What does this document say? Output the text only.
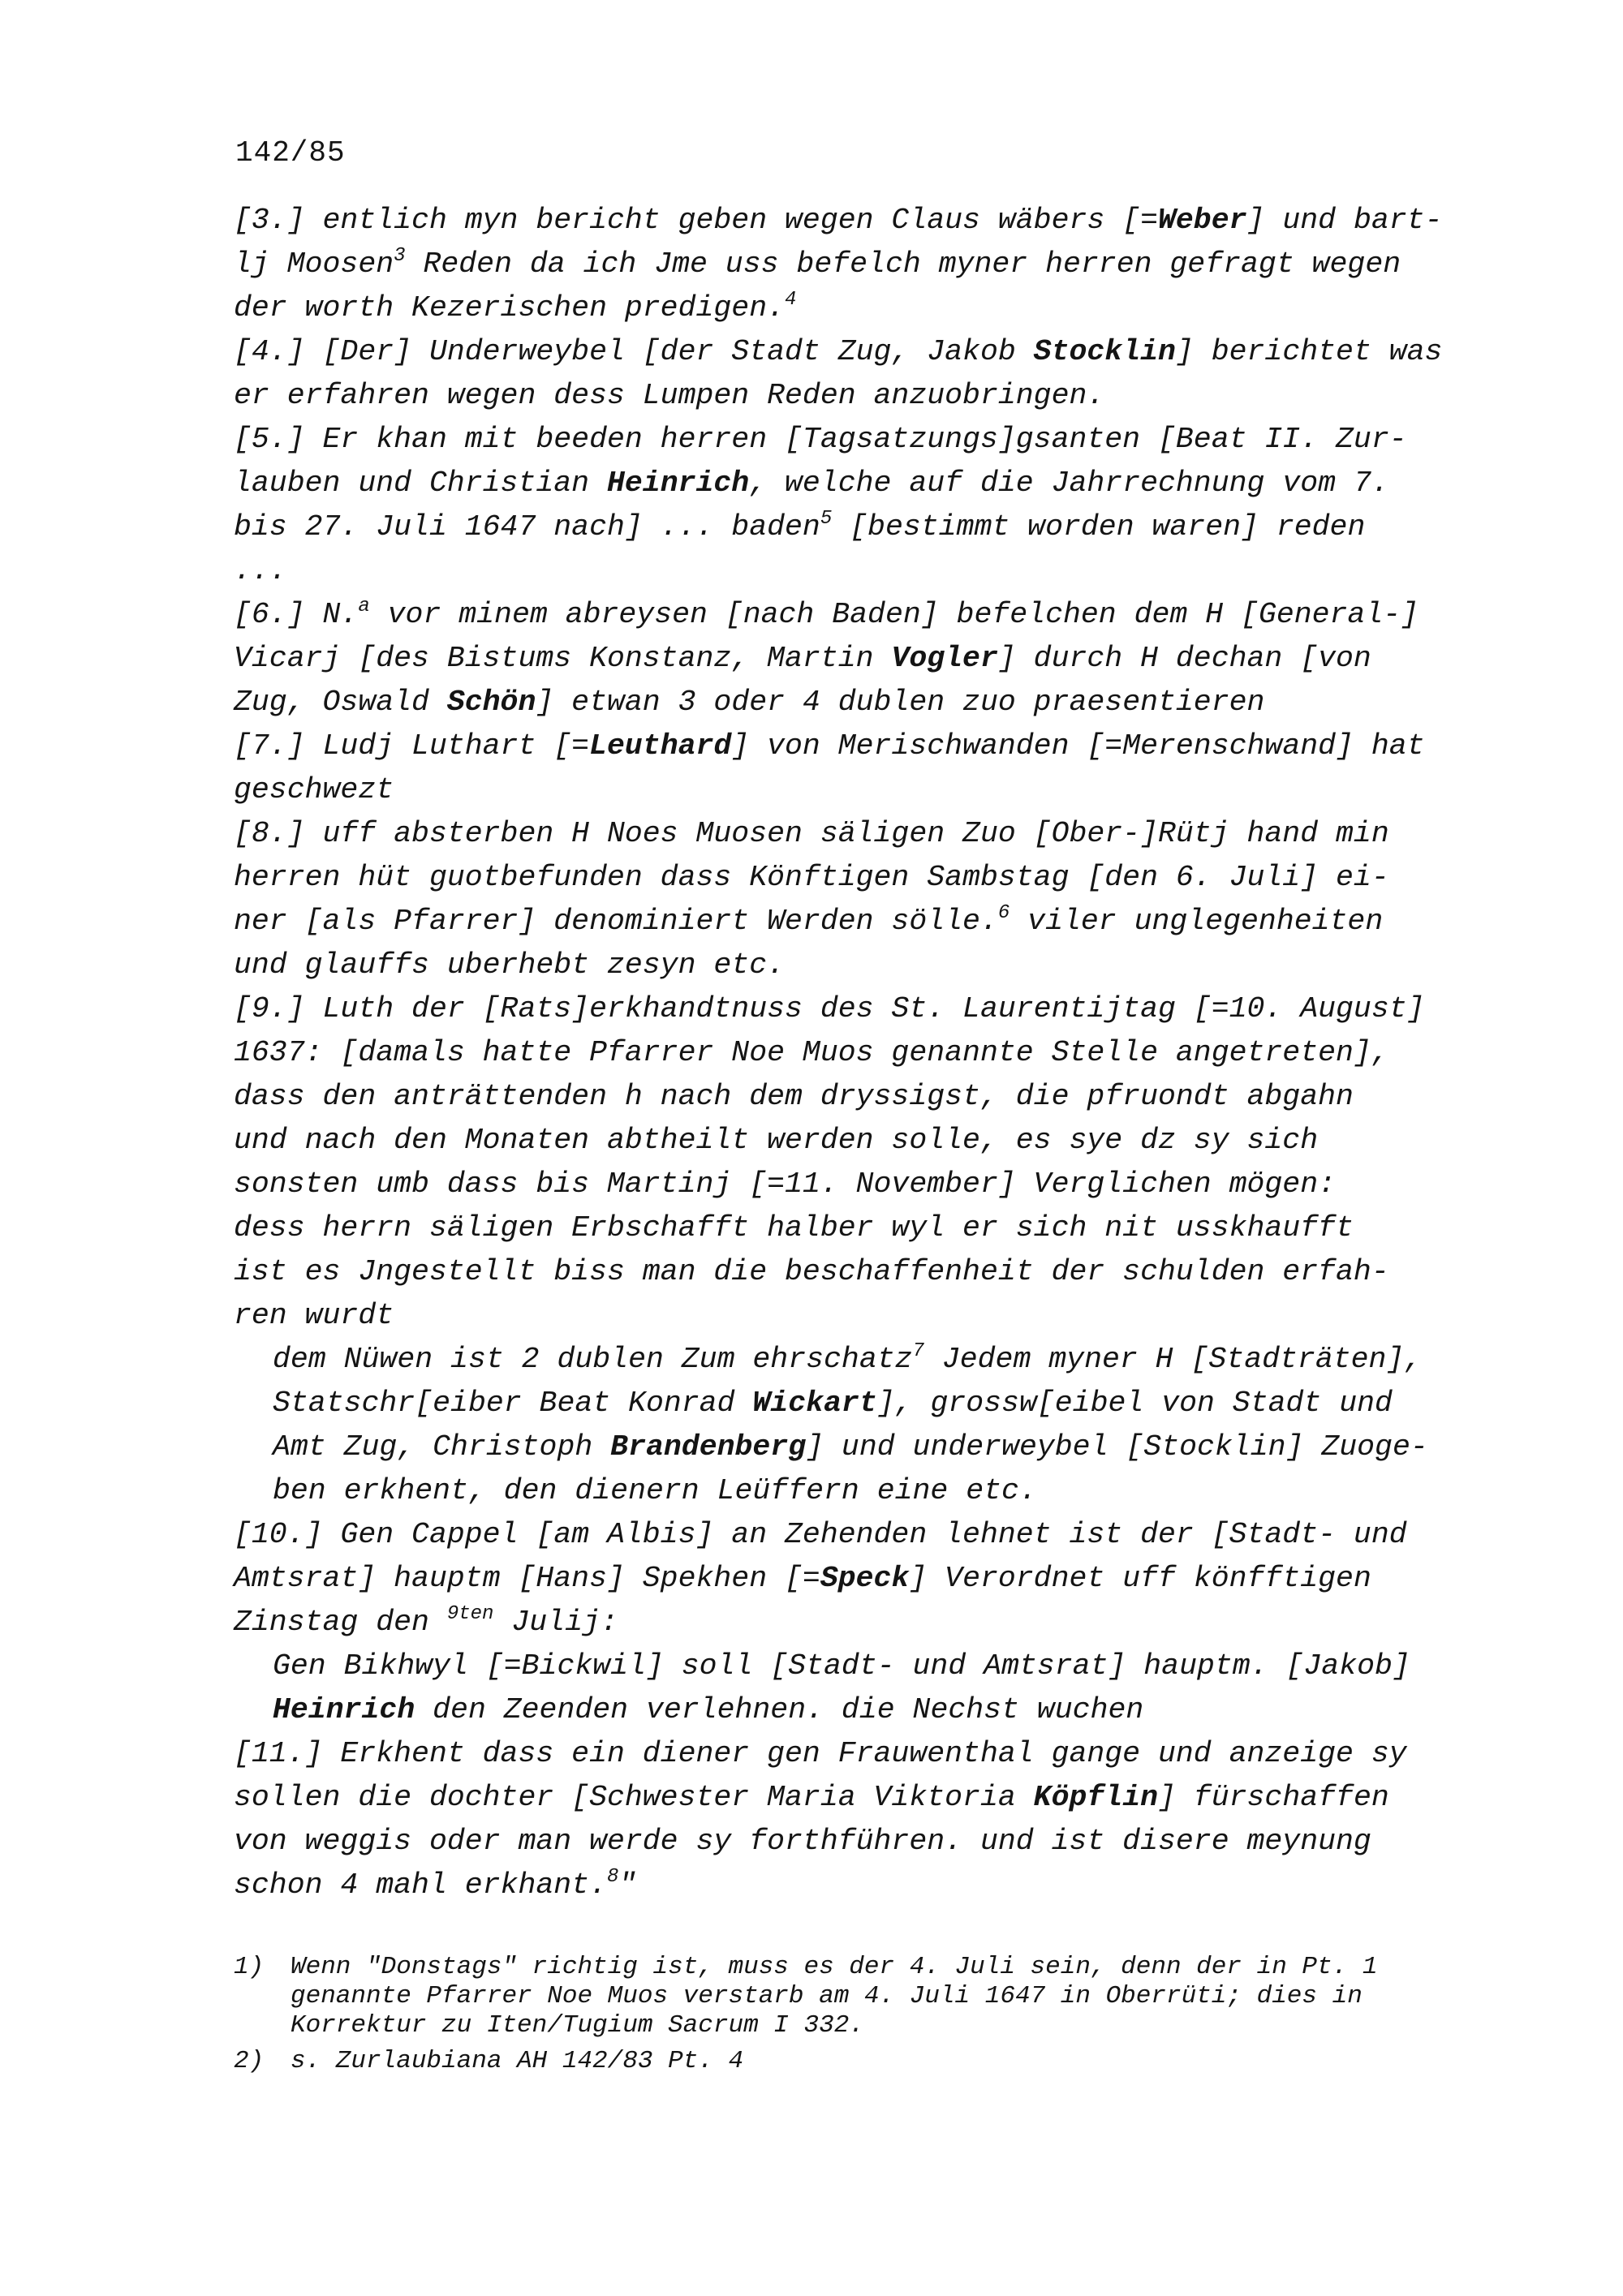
142/85
[3.] entlich myn bericht geben wegen Claus wäbers [=Weber] und bart-
lj Moosen$^3$ Reden da ich Jme uss befelch myner herren gefragt wegen
der worth Kezerischen predigen.$^4$
[4.] [Der] Underweybel [der Stadt Zug, Jakob Stocklin] berichtet was
er erfahren wegen dess Lumpen Reden anzuobringen.
[5.] Er khan mit beeden herren [Tagsatzungs]gsanten [Beat II. Zur-
lauben und Christian Heinrich, welche auf die Jahrrechnung vom 7.
bis 27. Juli 1647 nach] ... baden$^5$ [bestimmt worden waren] reden
...
[6.] N.$^a$ vor minem abreysen [nach Baden] befelchen dem H [General-]
Vicarj [des Bistums Konstanz, Martin Vogler] durch H dechan [von
Zug, Oswald Schön] etwan 3 oder 4 dublen zuo praesentieren
[7.] Ludj Luthart [=Leuthard] von Merischwanden [=Merenschwand] hat
geschwezt
[8.] uff absterben H Noes Muosen säligen Zuo [Ober-]Rütj hand min
herren hüt guotbefunden dass Könftigen Sambstag [den 6. Juli] ei-
ner [als Pfarrer] denominiert Werden sölle.$^6$ viler unglegenheiten
und glauffs uberhebt zesyn etc.
[9.] Luth der [Rats]erkhandtnuss des St. Laurentijtag [=10. August]
1637: [damals hatte Pfarrer Noe Muos genannte Stelle angetreten],
dass den anträttenden h nach dem dryssigst, die pfruondt abgahn
und nach den Monaten abtheilt werden solle, es sye dz sy sich
sonsten umb dass bis Martinj [=11. November] Verglichen mögen:
dess herrn säligen Erbschafft halber wyl er sich nit usskhaufft
ist es Jngestellt biss man die beschaffenheit der schulden erfah-
ren wurdt
dem Nüwen ist 2 dublen Zum ehrschatz$^7$ Jedem myner H [Stadträten],
Statschr[eiber Beat Konrad Wickart], grossw[eibel von Stadt und
Amt Zug, Christoph Brandenberg] und underweybel [Stocklin] Zuoge-
ben erkhent, den dienern Leüffern eine etc.
[10.] Gen Cappel [am Albis] an Zehenden lehnet ist der [Stadt- und
Amtsrat] hauptm [Hans] Spekhen [=Speck] Verordnet uff könfftigen
Zinstag den $^{9ten}$ Julij:
Gen Bikhwyl [=Bickwil] soll [Stadt- und Amtsrat] hauptm. [Jakob]
Heinrich den Zeenden verlehnen. die Nechst wuchen
[11.] Erkhent dass ein diener gen Frauwenthal gange und anzeige sy
sollen die dochter [Schwester Maria Viktoria Köpflin] fürschaffen
von weggis oder man werde sy forthführen. und ist disere meynung
schon 4 mahl erkhant.$^8$"
1)	Wenn "Donstags" richtig ist, muss es der 4. Juli sein, denn der in Pt. 1
genannte Pfarrer Noe Muos verstarb am 4. Juli 1647 in Oberrüti; dies in
Korrektur zu Iten/Tugium Sacrum I 332.
2)	s. Zurlaubiana AH 142/83 Pt. 4
